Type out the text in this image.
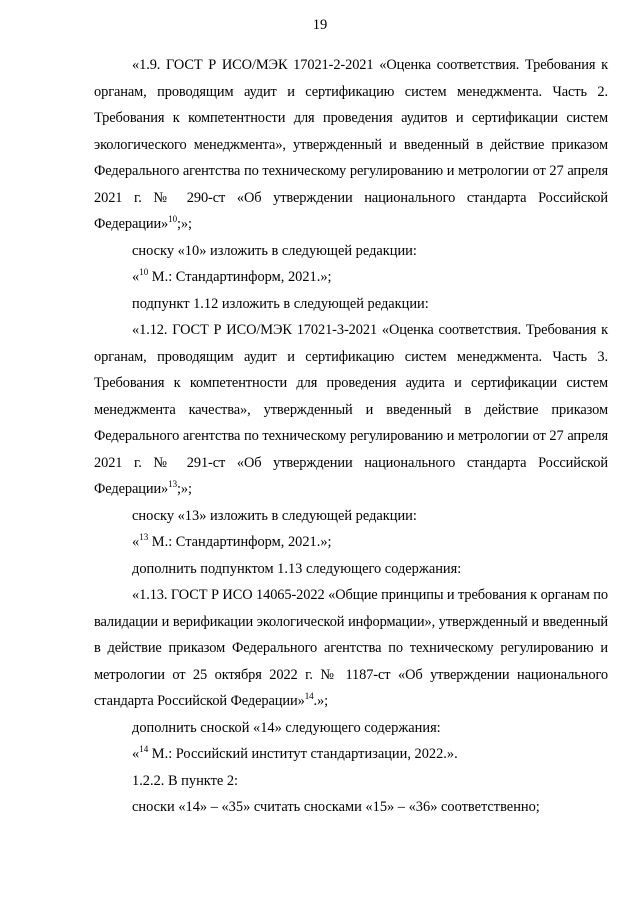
19

«1.9. ГОСТ Р ИСО/МЭК 17021-2-2021 «Оценка соответствия. Требования к органам, проводящим аудит и сертификацию систем менеджмента. Часть 2. Требования к компетентности для проведения аудитов и сертификации систем экологического менеджмента», утвержденный и введенный в действие приказом Федерального агентства по техническому регулированию и метрологии от 27 апреля 2021 г. № 290-ст «Об утверждении национального стандарта Российской Федерации»$^{10}$;»;

сноску «10» изложить в следующей редакции:

«$^{10}$ М.: Стандартинформ, 2021.»;

подпункт 1.12 изложить в следующей редакции:

«1.12. ГОСТ Р ИСО/МЭК 17021-3-2021 «Оценка соответствия. Требования к органам, проводящим аудит и сертификацию систем менеджмента. Часть 3. Требования к компетентности для проведения аудита и сертификации систем менеджмента качества», утвержденный и введенный в действие приказом Федерального агентства по техническому регулированию и метрологии от 27 апреля 2021 г. № 291-ст «Об утверждении национального стандарта Российской Федерации»$^{13}$;»;

сноску «13» изложить в следующей редакции:

«$^{13}$ М.: Стандартинформ, 2021.»;

дополнить подпунктом 1.13 следующего содержания:

«1.13. ГОСТ Р ИСО 14065-2022 «Общие принципы и требования к органам по валидации и верификации экологической информации», утвержденный и введенный в действие приказом Федерального агентства по техническому регулированию и метрологии от 25 октября 2022 г. № 1187-ст «Об утверждении национального стандарта Российской Федерации»$^{14}$.»;

дополнить сноской «14» следующего содержания:

«$^{14}$ М.: Российский институт стандартизации, 2022.».

1.2.2. В пункте 2:

сноски «14» – «35» считать сносками «15» – «36» соответственно;
